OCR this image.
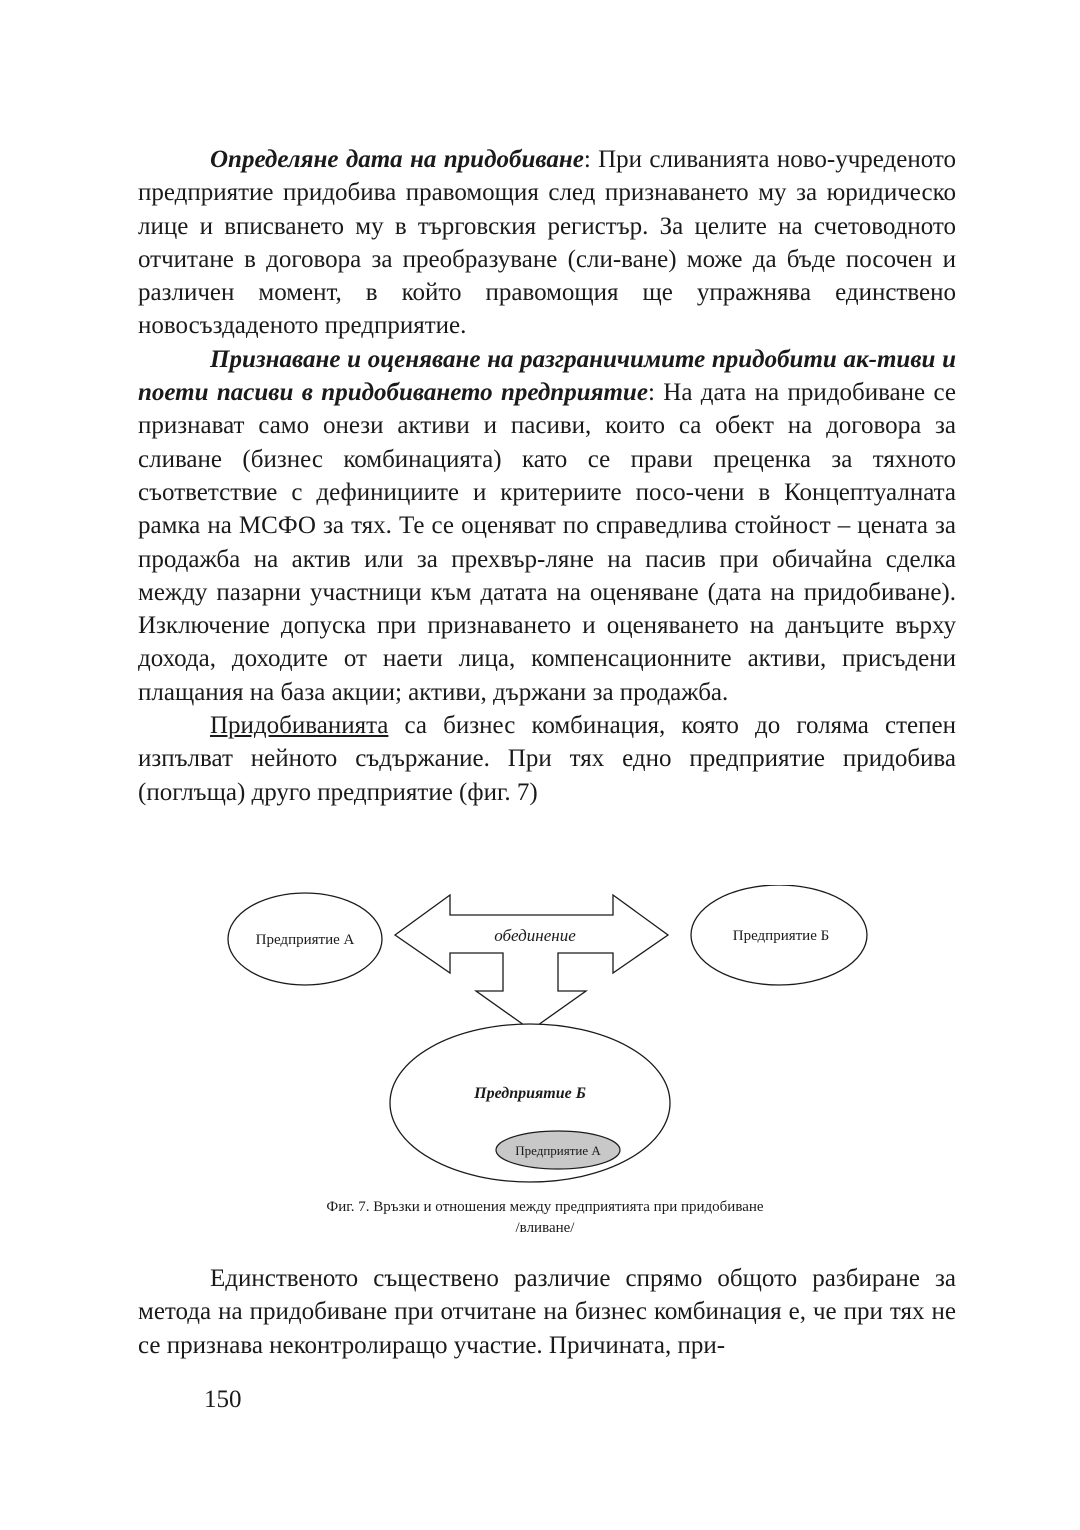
Определяне дата на придобиване: При сливанията ново-учреденото предприятие придобива правомощия след признаването му за юридическо лице и вписването му в търговския регистър. За целите на счетоводното отчитане в договора за преобразуване (сли-ване) може да бъде посочен и различен момент, в който правомощия ще упражнява единствено новосъздаденото предприятие.

Признаване и оценяване на разграничимите придобити ак-тиви и поети пасиви в придобиването предприятие: На дата на придобиване се признават само онези активи и пасиви, които са обект на договора за сливане (бизнес комбинацията) като се прави преценка за тяхното съответствие с дефинициите и критериите посо-чени в Концептуалната рамка на МСФО за тях. Те се оценяват по справедлива стойност – цената за продажба на актив или за прехвър-ляне на пасив при обичайна сделка между пазарни участници към датата на оценяване (дата на придобиване). Изключение допуска при признаването и оценяването на данъците върху дохода, доходите от наети лица, компенсационните активи, присъдени плащания на база акции; активи, държани за продажба.

Придобиванията са бизнес комбинация, която до голяма степен изпълват нейното съдържание. При тях едно предприятие придобива (поглъща) друго предприятие (фиг. 7)

Предприятие А	Предприятие Б
обединение
Предприятие Б
Предприятие А
Фиг. 7. Връзки и отношения между предприятията при придобиване
/вливане/

Единственото съществено различие спрямо общото разбиране за метода на придобиване при отчитане на бизнес комбинация е, че при тях не се признава неконтролиращо участие. Причината, при-

150
